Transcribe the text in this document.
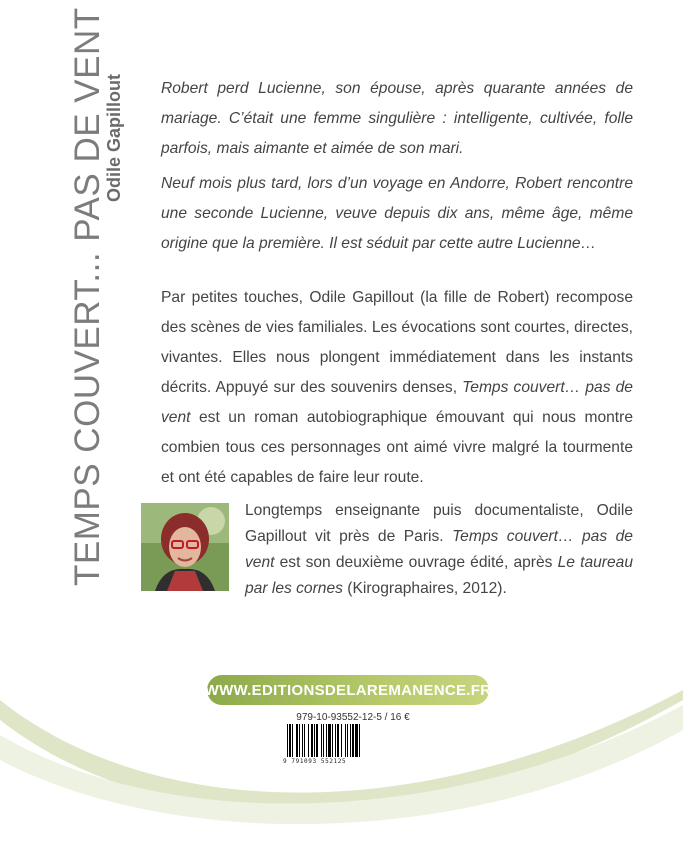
TEMPS COUVERT... PAS DE VENT
Odile Gapillout Robert perd Lucienne, son épouse, après quarante années de mariage. C’était une femme singulière : intelligente, cultivée, folle parfois, mais aimante et aimée de son mari.

Neuf mois plus tard, lors d’un voyage en Andorre, Robert rencontre une seconde Lucienne, veuve depuis dix ans, même âge, même origine que la première. Il est séduit par cette autre Lucienne…

Par petites touches, Odile Gapillout (la fille de Robert) recompose des scènes de vies familiales. Les évocations sont courtes, directes, vivantes. Elles nous plongent immédiatement dans les instants décrits. Appuyé sur des souvenirs denses, Temps couvert… pas de vent est un roman autobiographique émouvant qui nous montre combien tous ces personnages ont aimé vivre malgré la tourmente et ont été capables de faire leur route.

Longtemps enseignante puis documentaliste, Odile Gapillout vit près de Paris. Temps couvert… pas de vent est son deuxième ouvrage édité, après Le taureau par les cornes (Kirographaires, 2012).

WWW.EDITIONSDELAREMANENCE.FR
979-10-93552-12-5 / 16 €
9 791093 552125
